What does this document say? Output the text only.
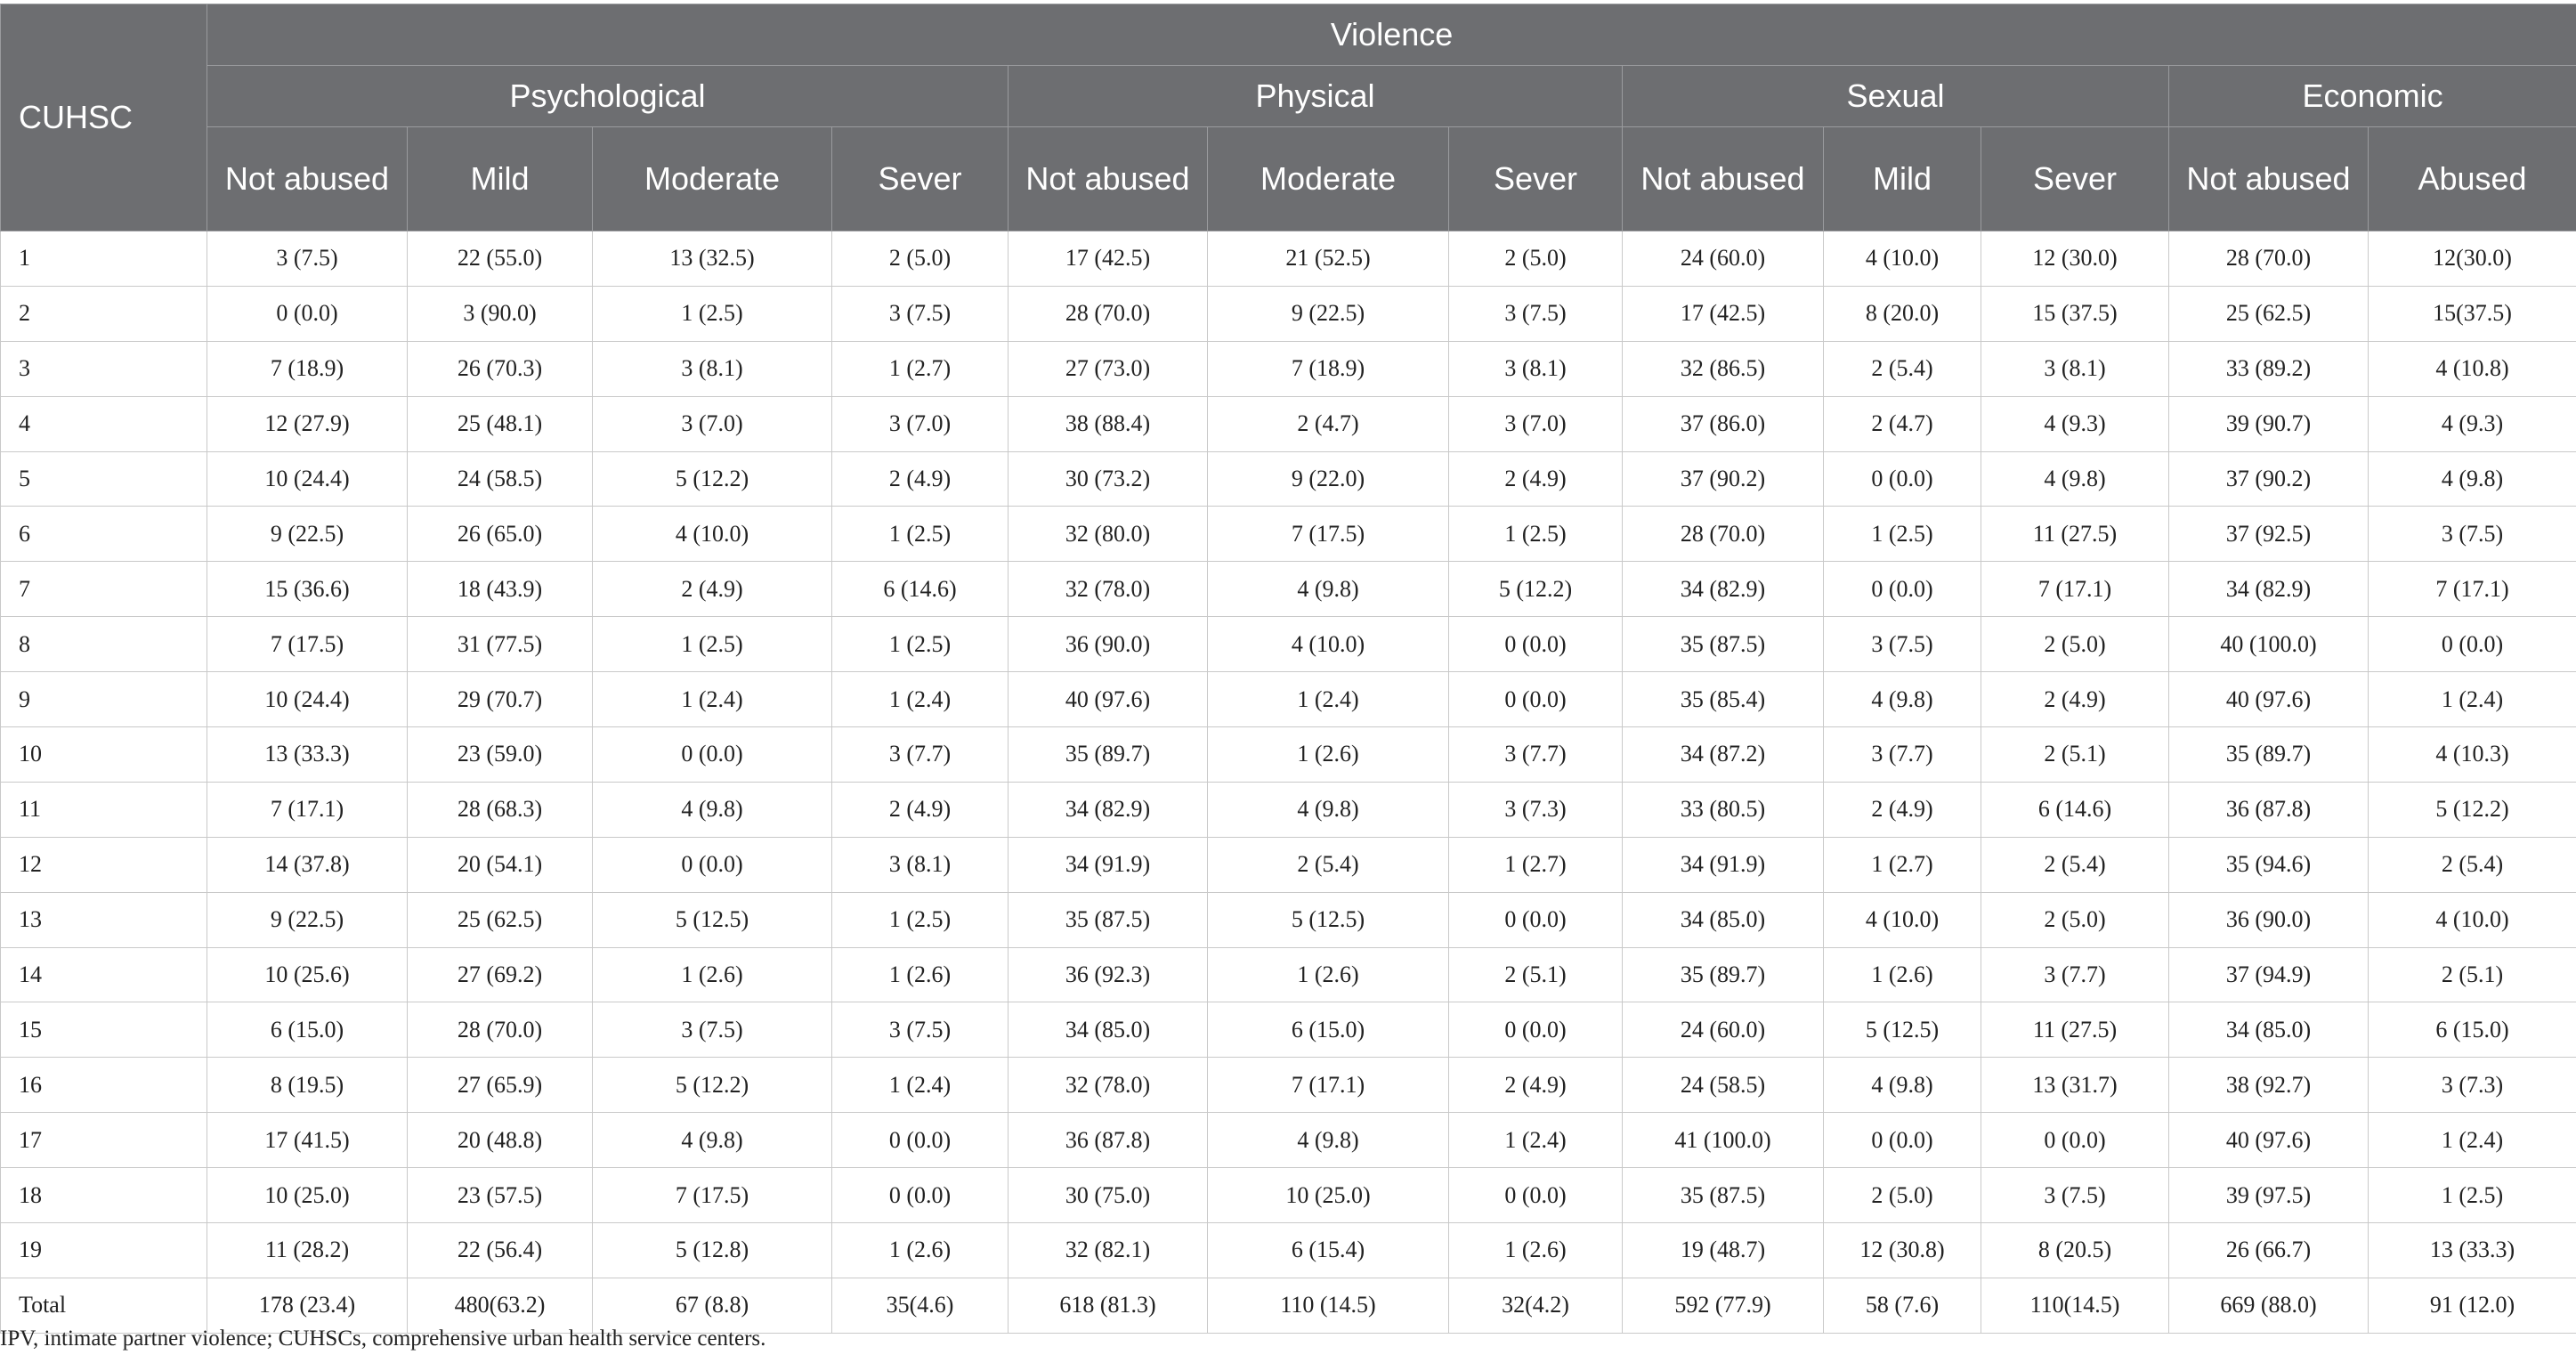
CUHSC	Violence											
	Psychological				Physical			Sexual			Economic	
	Not abused	Mild	Moderate	Sever	Not abused	Moderate	Sever	Not abused	Mild	Sever	Not abused	Abused
1	3 (7.5)	22 (55.0)	13 (32.5)	2 (5.0)	17 (42.5)	21 (52.5)	2 (5.0)	24 (60.0)	4 (10.0)	12 (30.0)	28 (70.0)	12(30.0)
2	0 (0.0)	3 (90.0)	1 (2.5)	3 (7.5)	28 (70.0)	9 (22.5)	3 (7.5)	17 (42.5)	8 (20.0)	15 (37.5)	25 (62.5)	15(37.5)
3	7 (18.9)	26 (70.3)	3 (8.1)	1 (2.7)	27 (73.0)	7 (18.9)	3 (8.1)	32 (86.5)	2 (5.4)	3 (8.1)	33 (89.2)	4 (10.8)
4	12 (27.9)	25 (48.1)	3 (7.0)	3 (7.0)	38 (88.4)	2 (4.7)	3 (7.0)	37 (86.0)	2 (4.7)	4 (9.3)	39 (90.7)	4 (9.3)
5	10 (24.4)	24 (58.5)	5 (12.2)	2 (4.9)	30 (73.2)	9 (22.0)	2 (4.9)	37 (90.2)	0 (0.0)	4 (9.8)	37 (90.2)	4 (9.8)
6	9 (22.5)	26 (65.0)	4 (10.0)	1 (2.5)	32 (80.0)	7 (17.5)	1 (2.5)	28 (70.0)	1 (2.5)	11 (27.5)	37 (92.5)	3 (7.5)
7	15 (36.6)	18 (43.9)	2 (4.9)	6 (14.6)	32 (78.0)	4 (9.8)	5 (12.2)	34 (82.9)	0 (0.0)	7 (17.1)	34 (82.9)	7 (17.1)
8	7 (17.5)	31 (77.5)	1 (2.5)	1 (2.5)	36 (90.0)	4 (10.0)	0 (0.0)	35 (87.5)	3 (7.5)	2 (5.0)	40 (100.0)	0 (0.0)
9	10 (24.4)	29 (70.7)	1 (2.4)	1 (2.4)	40 (97.6)	1 (2.4)	0 (0.0)	35 (85.4)	4 (9.8)	2 (4.9)	40 (97.6)	1 (2.4)
10	13 (33.3)	23 (59.0)	0 (0.0)	3 (7.7)	35 (89.7)	1 (2.6)	3 (7.7)	34 (87.2)	3 (7.7)	2 (5.1)	35 (89.7)	4 (10.3)
11	7 (17.1)	28 (68.3)	4 (9.8)	2 (4.9)	34 (82.9)	4 (9.8)	3 (7.3)	33 (80.5)	2 (4.9)	6 (14.6)	36 (87.8)	5 (12.2)
12	14 (37.8)	20 (54.1)	0 (0.0)	3 (8.1)	34 (91.9)	2 (5.4)	1 (2.7)	34 (91.9)	1 (2.7)	2 (5.4)	35 (94.6)	2 (5.4)
13	9 (22.5)	25 (62.5)	5 (12.5)	1 (2.5)	35 (87.5)	5 (12.5)	0 (0.0)	34 (85.0)	4 (10.0)	2 (5.0)	36 (90.0)	4 (10.0)
14	10 (25.6)	27 (69.2)	1 (2.6)	1 (2.6)	36 (92.3)	1 (2.6)	2 (5.1)	35 (89.7)	1 (2.6)	3 (7.7)	37 (94.9)	2 (5.1)
15	6 (15.0)	28 (70.0)	3 (7.5)	3 (7.5)	34 (85.0)	6 (15.0)	0 (0.0)	24 (60.0)	5 (12.5)	11 (27.5)	34 (85.0)	6 (15.0)
16	8 (19.5)	27 (65.9)	5 (12.2)	1 (2.4)	32 (78.0)	7 (17.1)	2 (4.9)	24 (58.5)	4 (9.8)	13 (31.7)	38 (92.7)	3 (7.3)
17	17 (41.5)	20 (48.8)	4 (9.8)	0 (0.0)	36 (87.8)	4 (9.8)	1 (2.4)	41 (100.0)	0 (0.0)	0 (0.0)	40 (97.6)	1 (2.4)
18	10 (25.0)	23 (57.5)	7 (17.5)	0 (0.0)	30 (75.0)	10 (25.0)	0 (0.0)	35 (87.5)	2 (5.0)	3 (7.5)	39 (97.5)	1 (2.5)
19	11 (28.2)	22 (56.4)	5 (12.8)	1 (2.6)	32 (82.1)	6 (15.4)	1 (2.6)	19 (48.7)	12 (30.8)	8 (20.5)	26 (66.7)	13 (33.3)
Total	178 (23.4)	480(63.2)	67 (8.8)	35(4.6)	618 (81.3)	110 (14.5)	32(4.2)	592 (77.9)	58 (7.6)	110(14.5)	669 (88.0)	91 (12.0)
IPV, intimate partner violence; CUHSCs, comprehensive urban health service centers.
